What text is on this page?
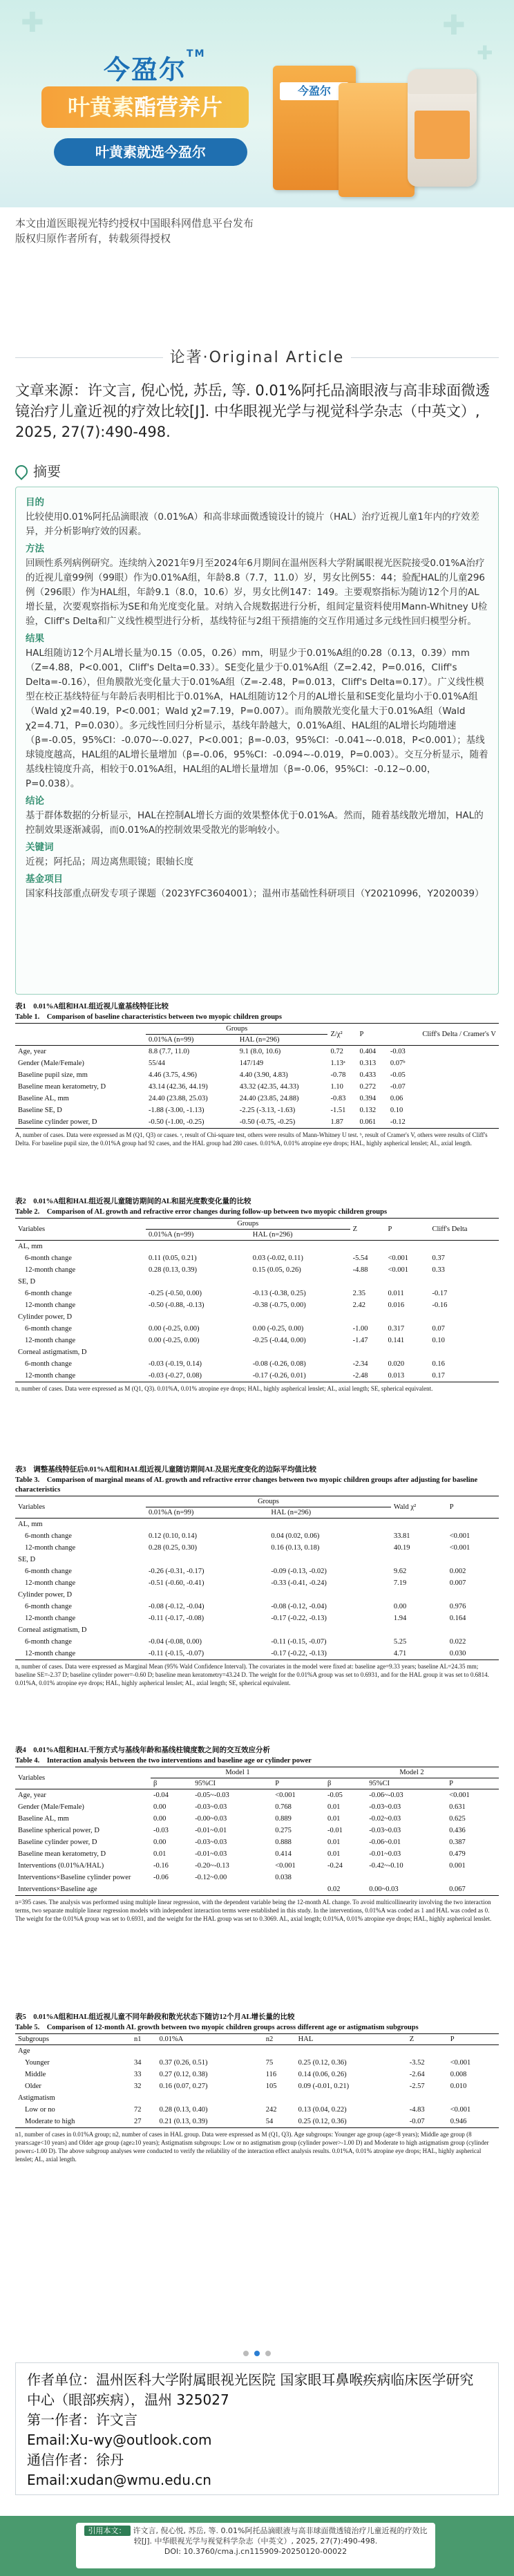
✚	✚
✚
今盈尔™
叶黄素酯营养片
叶黄素就选今盈尔
今盈尔
本文由道医眼视光特约授权中国眼科网借息平台发布
版权归原作者所有，转载须得授权
论著·Original Article
文章来源：许文言, 倪心悦, 苏岳, 等. 0.01%阿托品滴眼液与高非球面微透镜治疗儿童近视的疗效比较[J]. 中华眼视光学与视觉科学杂志（中英文）, 2025, 27(7):490-498.
摘要
目的

比较使用0.01%阿托品滴眼液（0.01%A）和高非球面微透镜设计的镜片（HAL）治疗近视儿童1年内的疗效差异，并分析影响疗效的因素。

方法

回顾性系列病例研究。连续纳入2021年9月至2024年6月期间在温州医科大学附属眼视光医院接受0.01%A治疗的近视儿童99例（99眼）作为0.01%A组，年龄8.8（7.7，11.0）岁，男女比例55：44；验配HAL的儿童296例（296眼）作为HAL组，年龄9.1（8.0，10.6）岁，男女比例147：149。主要观察指标为随访12个月的AL增长量，次要观察指标为SE和角光度变化量。对纳入合规数据进行分析，组间定量资料使用Mann-Whitney U检验，Cliff's Delta和广义线性模型进行分析，基线特征与2组干预措施的交互作用通过多元线性回归模型分析。

结果

HAL组随访12个月AL增长量为0.15（0.05，0.26）mm，明显少于0.01%A组的0.28（0.13，0.39）mm（Z=4.88，P<0.001，Cliff's Delta=0.33）。SE变化量少于0.01%A组（Z=2.42，P=0.016，Cliff's Delta=-0.16），但角膜散光变化量大于0.01%A组（Z=-2.48，P=0.013，Cliff's Delta=0.17）。广义线性模型在校正基线特征与年龄后表明相比于0.01%A，HAL组随访12个月的AL增长量和SE变化量均小于0.01%A组（Wald χ2=40.19，P<0.001；Wald χ2=7.19，P=0.007）。而角膜散光变化量大于0.01%A组（Wald χ2=4.71，P=0.030）。多元线性回归分析显示，基线年龄越大，0.01%A组、HAL组的AL增长均随增速（β=-0.05，95%CI：-0.070~-0.027，P<0.001；β=-0.03，95%CI：-0.041~-0.018，P<0.001）；基线球镜度越高，HAL组的AL增长量增加（β=-0.06，95%CI：-0.094~-0.019，P=0.003）。交互分析显示，随着基线柱镜度升高，相较于0.01%A组，HAL组的AL增长量增加（β=-0.06，95%CI：-0.12~0.00，P=0.038）。

结论

基于群体数据的分析显示，HAL在控制AL增长方面的效果整体优于0.01%A。然而，随着基线散光增加，HAL的控制效果逐渐减弱，而0.01%A的控制效果受散光的影响较小。

关键词

近视；阿托品；周边离焦眼镜；眼轴长度

基金项目

国家科技部重点研发专项子课题（2023YFC3604001）；温州市基础性科研项目（Y20210996，Y2020039）

表1　0.01%A组和HAL组近视儿童基线特征比较
Table 1.　Comparison of baseline characteristics between two myopic children groups
	Groups		Z/χ²	P	Cliff's Delta / Cramer's V
	0.01%A (n=99)	HAL (n=296)			
Age, year	8.8 (7.7, 11.0)	9.1 (8.0, 10.6)	0.72	0.404	-0.03
Gender (Male/Female)	55/44	147/149	1.13ᵃ	0.313	0.07ᵇ
Baseline pupil size, mm	4.46 (3.75, 4.96)	4.40 (3.90, 4.83)	-0.78	0.433	-0.05
Baseline mean keratometry, D	43.14 (42.36, 44.19)	43.32 (42.35, 44.33)	1.10	0.272	-0.07
Baseline AL, mm	24.40 (23.88, 25.03)	24.40 (23.85, 24.88)	-0.83	0.394	0.06
Baseline SE, D	-1.88 (-3.00, -1.13)	-2.25 (-3.13, -1.63)	-1.51	0.132	0.10
Baseline cylinder power, D	-0.50 (-1.00, -0.25)	-0.50 (-0.75, -0.25)	1.87	0.061	-0.12
A, number of cases. Data were expressed as M (Q1, Q3) or cases. ᵃ, result of Chi-square test, others were results of Mann-Whitney U test. ᵇ, result of Cramer's V, others were results of Cliff's Delta. For baseline pupil size, the 0.01%A group had 92 cases, and the HAL group had 280 cases. 0.01%A, 0.01% atropine eye drops; HAL, highly aspherical lenslet; AL, axial length.
表2　0.01%A组和HAL组近视儿童随访期间的AL和屈光度数变化量的比较
Table 2.　Comparison of AL growth and refractive error changes during follow-up between two myopic children groups
Variables	Groups		Z	P	Cliff's Delta
	0.01%A (n=99)	HAL (n=296)			
AL, mm					
6-month change	0.11 (0.05, 0.21)	0.03 (-0.02, 0.11)	-5.54	<0.001	0.37
12-month change	0.28 (0.13, 0.39)	0.15 (0.05, 0.26)	-4.88	<0.001	0.33
SE, D					
6-month change	-0.25 (-0.50, 0.00)	-0.13 (-0.38, 0.25)	2.35	0.011	-0.17
12-month change	-0.50 (-0.88, -0.13)	-0.38 (-0.75, 0.00)	2.42	0.016	-0.16
Cylinder power, D					
6-month change	0.00 (-0.25, 0.00)	0.00 (-0.25, 0.00)	-1.00	0.317	0.07
12-month change	0.00 (-0.25, 0.00)	-0.25 (-0.44, 0.00)	-1.47	0.141	0.10
Corneal astigmatism, D					
6-month change	-0.03 (-0.19, 0.14)	-0.08 (-0.26, 0.08)	-2.34	0.020	0.16
12-month change	-0.03 (-0.27, 0.08)	-0.17 (-0.26, 0.01)	-2.48	0.013	0.17
n, number of cases. Data were expressed as M (Q1, Q3). 0.01%A, 0.01% atropine eye drops; HAL, highly aspherical lenslet; AL, axial length; SE, spherical equivalent.
表3　调整基线特征后0.01%A组和HAL组近视儿童随访期间AL及屈光度变化的边际平均值比较
Table 3.　Comparison of marginal means of AL growth and refractive error changes between two myopic children groups after adjusting for baseline characteristics
Variables	Groups		Wald χ²	P
	0.01%A (n=99)	HAL (n=296)		
AL, mm				
6-month change	0.12 (0.10, 0.14)	0.04 (0.02, 0.06)	33.81	<0.001
12-month change	0.28 (0.25, 0.30)	0.16 (0.13, 0.18)	40.19	<0.001
SE, D				
6-month change	-0.26 (-0.31, -0.17)	-0.09 (-0.13, -0.02)	9.62	0.002
12-month change	-0.51 (-0.60, -0.41)	-0.33 (-0.41, -0.24)	7.19	0.007
Cylinder power, D				
6-month change	-0.08 (-0.12, -0.04)	-0.08 (-0.12, -0.04)	0.00	0.976
12-month change	-0.11 (-0.17, -0.08)	-0.17 (-0.22, -0.13)	1.94	0.164
Corneal astigmatism, D				
6-month change	-0.04 (-0.08, 0.00)	-0.11 (-0.15, -0.07)	5.25	0.022
12-month change	-0.11 (-0.15, -0.07)	-0.17 (-0.22, -0.13)	4.71	0.030
n, number of cases. Data were expressed as Marginal Mean (95% Wald Confidence Interval). The covariates in the model were fixed at: baseline age=9.33 years; baseline AL=24.35 mm; baseline SE=-2.37 D; baseline cylinder power=-0.60 D; baseline mean keratometry=43.24 D. The weight for the 0.01%A group was set to 0.6931, and for the HAL group it was set to 0.6814. 0.01%A, 0.01% atropine eye drops; HAL, highly aspherical lenslet; AL, axial length; SE, spherical equivalent.
表4　0.01%A组和HAL干预方式与基线年龄和基线柱镜度数之间的交互效应分析
Table 4.　Interaction analysis between the two interventions and baseline age or cylinder power
Variables	Model 1			Model 2		
	β	95%CI	P	β	95%CI	P
Age, year	-0.04	-0.05~-0.03	<0.001	-0.05	-0.06~-0.03	<0.001
Gender (Male/Female)	0.00	-0.03~0.03	0.768	0.01	-0.03~0.03	0.631
Baseline AL, mm	0.00	-0.00~0.03	0.889	0.01	-0.02~0.03	0.625
Baseline spherical power, D	-0.03	-0.01~0.01	0.275	-0.01	-0.03~0.03	0.436
Baseline cylinder power, D	0.00	-0.03~0.03	0.888	0.01	-0.06~0.01	0.387
Baseline mean keratometry, D	0.01	-0.01~0.03	0.414	0.01	-0.01~0.03	0.479
Interventions (0.01%A/HAL)	-0.16	-0.20~-0.13	<0.001	-0.24	-0.42~-0.10	0.001
Interventions×Baseline cylinder power	-0.06	-0.12~0.00	0.038			
Interventions×Baseline age				0.02	0.00~0.03	0.067
n=395 cases. The analysis was performed using multiple linear regression, with the dependent variable being the 12-month AL change. To avoid multicollinearity involving the two interaction terms, two separate multiple linear regression models with independent interaction terms were established in this study. In the interventions, 0.01%A was coded as 1 and HAL was coded as 0. The weight for the 0.01%A group was set to 0.6931, and the weight for the HAL group was set to 0.3069. AL, axial length; 0.01%A, 0.01% atropine eye drops; HAL, highly aspherical lenslet.
表5　0.01%A组和HAL组近视儿童不同年龄段和散光状态下随访12个月AL增长量的比较
Table 5.　Comparison of 12-month AL growth between two myopic children groups across different age or astigmatism subgroups
Subgroups	n1	0.01%A	n2	HAL	Z	P
Age						
Younger	34	0.37 (0.26, 0.51)	75	0.25 (0.12, 0.36)	-3.52	<0.001
Middle	33	0.27 (0.12, 0.38)	116	0.14 (0.06, 0.26)	-2.64	0.008
Older	32	0.16 (0.07, 0.27)	105	0.09 (-0.01, 0.21)	-2.57	0.010
Astigmatism						
Low or no	72	0.28 (0.13, 0.40)	242	0.13 (0.04, 0.22)	-4.83	<0.001
Moderate to high	27	0.21 (0.13, 0.39)	54	0.25 (0.12, 0.36)	-0.07	0.946
n1, number of cases in 0.01%A group; n2, number of cases in HAL group. Data were expressed as M (Q1, Q3). Age subgroups: Younger age group (age<8 years); Middle age group (8 years≤age<10 years) and Older age group (age≥10 years); Astigmatism subgroups: Low or no astigmatism group (cylinder power>-1.00 D) and Moderate to high astigmatism group (cylinder power≤-1.00 D). The above subgroup analyses were conducted to verify the reliability of the interaction effect analysis results. 0.01%A, 0.01% atropine eye drops; HAL, highly aspherical lenslet; AL, axial length.
作者单位：温州医科大学附属眼视光医院 国家眼耳鼻喉疾病临床医学研究中心（眼部疾病），温州 325027
第一作者：许文言
Email:Xu-wy@outlook.com
通信作者：徐丹
Email:xudan@wmu.edu.cn
引用本文： 许文言, 倪心悦, 苏岳, 等. 0.01%阿托品滴眼液与高非球面微透镜治疗儿童近视的疗效比较[J]. 中华眼视光学与视觉科学杂志（中英文）, 2025, 27(7):490-498.
DOI: 10.3760/cma.j.cn115909-20250120-00022
